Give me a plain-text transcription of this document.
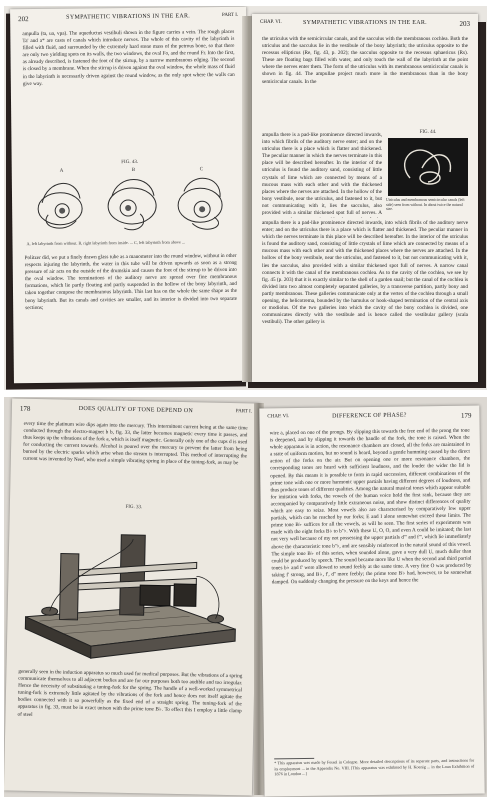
202	SYMPATHETIC VIBRATIONS IN THE EAR.	PART I.

ampulla (ta, ua, vpa). The aqueductus vestibuli shown in the figure carries a vein. The rough places Ta' and a* are casts of canals which introduce nerves. The whole of this cavity of the labyrinth is filled with fluid, and surrounded by the extremely hard stone mass of the petrous bone, so that there are only two yielding spots on its walls, the two windows, the oval Fo, and the round Fr. Into the first, as already described, is fastened the foot of the stirrup, by a narrow membranous edging. The second is closed by a membrane. When the stirrup is driven against the oval window, the whole mass of fluid in the labyrinth is necessarily driven against the round window, as the only spot where the walls can give way.

FIG. 43.
A	B	C
A, left labyrinth from without. B, right labyrinth from inside. ... C, left labyrinth from above ...

Politzer did, we put a finely drawn glass tube as a manometer into the round window, without in other respects injuring the labyrinth, the water in this tube will be driven upwards as soon as a strong pressure of air acts on the outside of the drumskin and causes the foot of the stirrup to be driven into the oval window. The terminations of the auditory nerve are spread over fine membranous formations, which lie partly floating and partly suspended in the hollow of the bony labyrinth, and taken together compose the membranous labyrinth. This last has on the whole the same shape as the bony labyrinth. But its canals and cavities are smaller, and its interior is divided into two separate sections;

CHAP. VI.	SYMPATHETIC VIBRATIONS IN THE EAR.	203

the utriculus with the semicircular canals, and the sacculus with the membranous cochlea. Both the utriculus and the sacculus lie in the vestibule of the bony labyrinth; the utriculus opposite to the recessus ellipticus (Re, fig. 43, p. 202); the sacculus opposite to the recessus sphaericus (Rs). These are floating bags filled with water, and only touch the wall of the labyrinth at the point where the nerves enter them. The form of the utriculus with its membranous semicircular canals is shown in fig. 44. The ampullae project much more in the membranous than in the bony semicircular canals. In the

FIG. 44.
Utriculus and membranous semicircular canals (left side) seen from without. In about twice the natural size.

ampulla there is a pad-like prominence directed inwards, into which fibrils of the auditory nerve enter; and on the utriculus there is a place which is flatter and thickened. The peculiar manner in which the nerves terminate in this place will be described hereafter. In the interior of the utriculus is found the auditory sand, consisting of little crystals of lime which are connected by means of a mucous mass with each other and with the thickened places where the nerves are attached. In the hollow of the bony vestibule, near the utriculus, and fastened to it, but not communicating with it, lies the sacculus, also provided with a similar thickened spot full of nerves. A

ampulla there is a pad-like prominence directed inwards, into which fibrils of the auditory nerve enter; and on the utriculus there is a place which is flatter and thickened. The peculiar manner in which the nerves terminate in this place will be described hereafter. In the interior of the utriculus is found the auditory sand, consisting of little crystals of lime which are connected by means of a mucous mass with each other and with the thickened places where the nerves are attached. In the hollow of the bony vestibule, near the utriculus, and fastened to it, but not communicating with it, lies the sacculus, also provided with a similar thickened spot full of nerves. A narrow canal connects it with the canal of the membranous cochlea. As to the cavity of the cochlea, we see by fig. 45 (p. 203) that it is exactly similar to the shell of a garden snail; but the canal of the cochlea is divided into two almost completely separated galleries, by a transverse partition, partly bony and partly membranous. These galleries communicate only at the vertex of the cochlea through a small opening, the helicotrema, bounded by the hamulus or hook-shaped termination of the central axis or modiolus. Of the two galleries into which the cavity of the bony cochlea is divided, one communicates directly with the vestibule and is hence called the vestibular gallery (scala vestibuli). The other gallery is

178	DOES QUALITY OF TONE DEPEND ON	PART I.

every time the platinum wire dips again into the mercury. This intermittent current being at the same time conducted through the electro-magnet b b, fig. 33, the latter becomes magnetic every time it passes, and thus keeps up the vibrations of the fork a, which is itself magnetic. Generally only one of the cups d is used for conducting the current towards. Alcohol is poured over the mercury to prevent the latter from being burned by the electric sparks which arise when the stream is interrupted. This method of interrupting the current was invented by Neef, who used a simple vibrating spring in place of the tuning-fork, as may be

FIG. 33.

generally seen in the induction apparatus so much used for medical purposes. But the vibrations of a spring communicate themselves to all adjacent bodies and are for our purposes both too audible and too irregular. Hence the necessity of substituting a tuning-fork for the spring. The handle of a well-worked symmetrical tuning-fork is extremely little agitated by the vibrations of the fork and hence does not itself agitate the bodies connected with it so powerfully as the fixed end of a straight spring. The tuning-fork of the apparatus in fig. 33, must be in exact unison with the prime tone B♭. To effect this I employ a little clamp of steel

CHAP. VI.	DIFFERENCE OF PHASE?	179

wire a, placed on one of the prongs. By slipping this towards the free end of the prong the tone is deepened, and by slipping it towards the handle of the fork, the tone is raised. When the whole apparatus is in action, the resonance chambers are closed, all the forks are maintained in a state of uniform motion, but no sound is heard, beyond a gentle humming caused by the direct action of the forks on the air. But on opening one or more resonance chambers, the corresponding tones are heard with sufficient loudness, and the louder the wider the lid is opened. By this means it is possible to form in rapid succession, different combinations of the prime tone with one or more harmonic upper partials having different degrees of loudness, and thus produce tones of different qualities. Among the natural musical tones which appear suitable for imitation with forks, the vowels of the human voice hold the first rank, because they are accompanied by comparatively little extraneous noise, and show distinct differences of quality which are easy to seize. Most vowels also are characterised by comparatively low upper partials, which can be reached by our forks; E and I alone somewhat exceed these limits. The prime tone B♭ suffices for all the vowels, as will be seen. The first series of experiments was made with the eight forks B♭ to b''♭. With these U, O, O, and even A could be imitated; the last not very well because of my not possessing the upper partials d''' and f''', which lie immediately above the characteristic tone b''♭, and are sensibly reinforced in the natural sound of this vowel. The simple tone B♭ of this series, when sounded alone, gave a very dull U, much duller than could be produced by speech. The sound became more like U when the second and third partial tones b♭ and f' were allowed to sound feebly at the same time. A very fine O was produced by taking f' strong, and B♭, f', d'' more feebly; the prime tone B♭ had, however, to be somewhat damped. On suddenly changing the pressure on the keys and hence the

* This apparatus was made by Fessel in Cologne. More detailed descriptions of its separate parts, and instructions for its employment ... in the Appendix No. VIII. [This apparatus was exhibited by H. Koenig ... in the Loan Exhibition of 1876 in London ...]
